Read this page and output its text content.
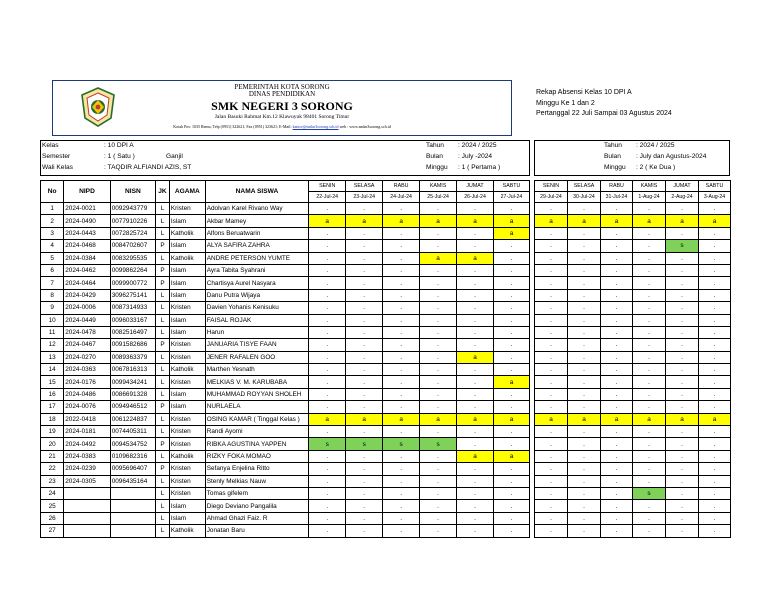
PEMERINTAH KOTA SORONG
DINAS PENDIDIKAN
SMK NEGERI 3 SORONG
Jalan Basuki Rahmat Km.12 Klawuyuk 98401 Sorong Timur
Kotak Pos: 1035 Remu; Telp (0951) 322621; Fax (0951) 323621; E-Mail: kantor@smkn3sorong.sch.id web : www.smkn3sorong.sch.id
Rekap Absensi Kelas 10 DPI A
Minggu Ke 1 dan 2
Pertanggal 22 Juli Sampai 03 Agustus 2024
Kelas	: 10 DPI A
Semester	: 1 ( Satu )	Ganjil
Wali Kelas	: TAQDIR ALFIANDI AZIS, ST
Tahun : 2024 / 2025
Bulan : July -2024
Minggu : 1 ( Pertama )
Tahun : 2024 / 2025
Bulan : July dan Agustus-2024
Minggu : 2 ( Ke Dua )
No	NIPD	NISN	JK	AGAMA	NAMA SISWA	SENIN	SELASA	RABU	KAMIS	JUMAT	SABTU
						22-Jul-24	23-Jul-24	24-Jul-24	25-Jul-24	26-Jul-24	27-Jul-24
1	2024-0021	0092943779	L	Kristen	Adolvan Karel Rivano Way	.	.	.	.	.	.
2	2024-0490	0077910226	L	Islam	Akbar Mamey	a	a	a	a	a	a
3	2024-0443	0072825724	L	Katholik	Alfons Beruatwarin	.	.	.	.	.	a
4	2024-0468	0084702607	P	Islam	ALYA SAFIRA ZAHRA	.	.	.	.	.	.
5	2024-0384	0083295535	L	Katholik	ANDRE PETERSON YUMTE	.	.	.	a	a	.
6	2024-0462	0099862264	P	Islam	Ayra Tabita Syahrani	.	.	.	.	.	.
7	2024-0464	0099900772	P	Islam	Chartisya Aurel Nasyara	.	.	.	.	.	.
8	2024-0429	3096275141	L	Islam	Danu Putra Wijaya	.	.	.	.	.	.
9	2024-0006	0087314933	L	Kristen	Davien Yohanis Kenisuku	.	.	.	.	.	.
10	2024-0449	0096033167	L	Islam	FAISAL ROJAK	.	.	.	.	.	.
11	2024-0478	0082516497	L	Islam	Harun	.	.	.	.	.	.
12	2024-0467	0091582686	P	Kristen	JANUARIA TISYE FAAN	.	.	.	.	.	.
13	2024-0270	0089363379	L	Kristen	JENER RAFALEN GOO	.	.	.	.	a	.
14	2024-0363	0067816313	L	Katholik	Marthen Yesnath	.	.	.	.	.	.
15	2024-0176	0099434241	L	Kristen	MELKIAS V. M. KARUBABA	.	.	.	.	.	a
16	2024-0486	0086691328	L	Islam	MUHAMMAD ROYYAN SHOLEH	.	.	.	.	.	.
17	2024-0076	0094946512	P	Islam	NURLAELA	.	.	.	.	.	.
18	2022-0418	0061224837	L	Kristen	OSING KAMAR ( Tinggal Kelas )	a	a	a	a	a	a
19	2024-0181	0074405311	L	Kristen	Randi Ayomi	.	.	.	.	.	.
20	2024-0492	0094534752	P	Kristen	RIBKA AGUSTINA YAPPEN	s	s	s	s	.	.
21	2024-0383	0109682316	L	Katholik	RIZKY FOKA MOMAO	.	.	.	.	a	a
22	2024-0239	0095696407	P	Kristen	Sefanya Enjelina Ritto	.	.	.	.	.	.
23	2024-0305	0096435164	L	Kristen	Stenly Melkias Nauw	.	.	.	.	.	.
24			L	Kristen	Tomas gifelem	.	.	.	.	.	.
25			L	Islam	Diego Deviano Pangalila	.	.	.	.	.	.
26			L	Islam	Ahmad Ghazi Faiz. R	.	.	.	.	.	.
27			L	Katholik	Jonatan Baru	.	.	.	.	.	.
SENIN	SELASA	RABU	KAMIS	JUMAT	SABTU
29-Jul-24	30-Jul-24	31-Jul-24	1-Aug-24	2-Aug-24	3-Aug-24
.	.	.	.	.	.
a	a	a	a	a	a
.	.	.	.	.	.
.	.	.	.	s	.
.	.	.	.	.	.
.	.	.	.	.	.
.	.	.	.	.	.
.	.	.	.	.	.
.	.	.	.	.	.
.	.	.	.	.	.
.	.	.	.	.	.
.	.	.	.	.	.
.	.	.	.	.	.
.	.	.	.	.	.
.	.	.	.	.	.
.	.	.	.	.	.
.	.	.	.	.	.
a	a	a	a	a	a
.	.	.	.	.	.
.	.	.	.	.	.
.	.	.	.	.	.
.	.	.	.	.	.
.	.	.	.	.	.
.	.	.	s	.	.
.	.	.	.	.	.
.	.	.	.	.	.
.	.	.	.	.	.
